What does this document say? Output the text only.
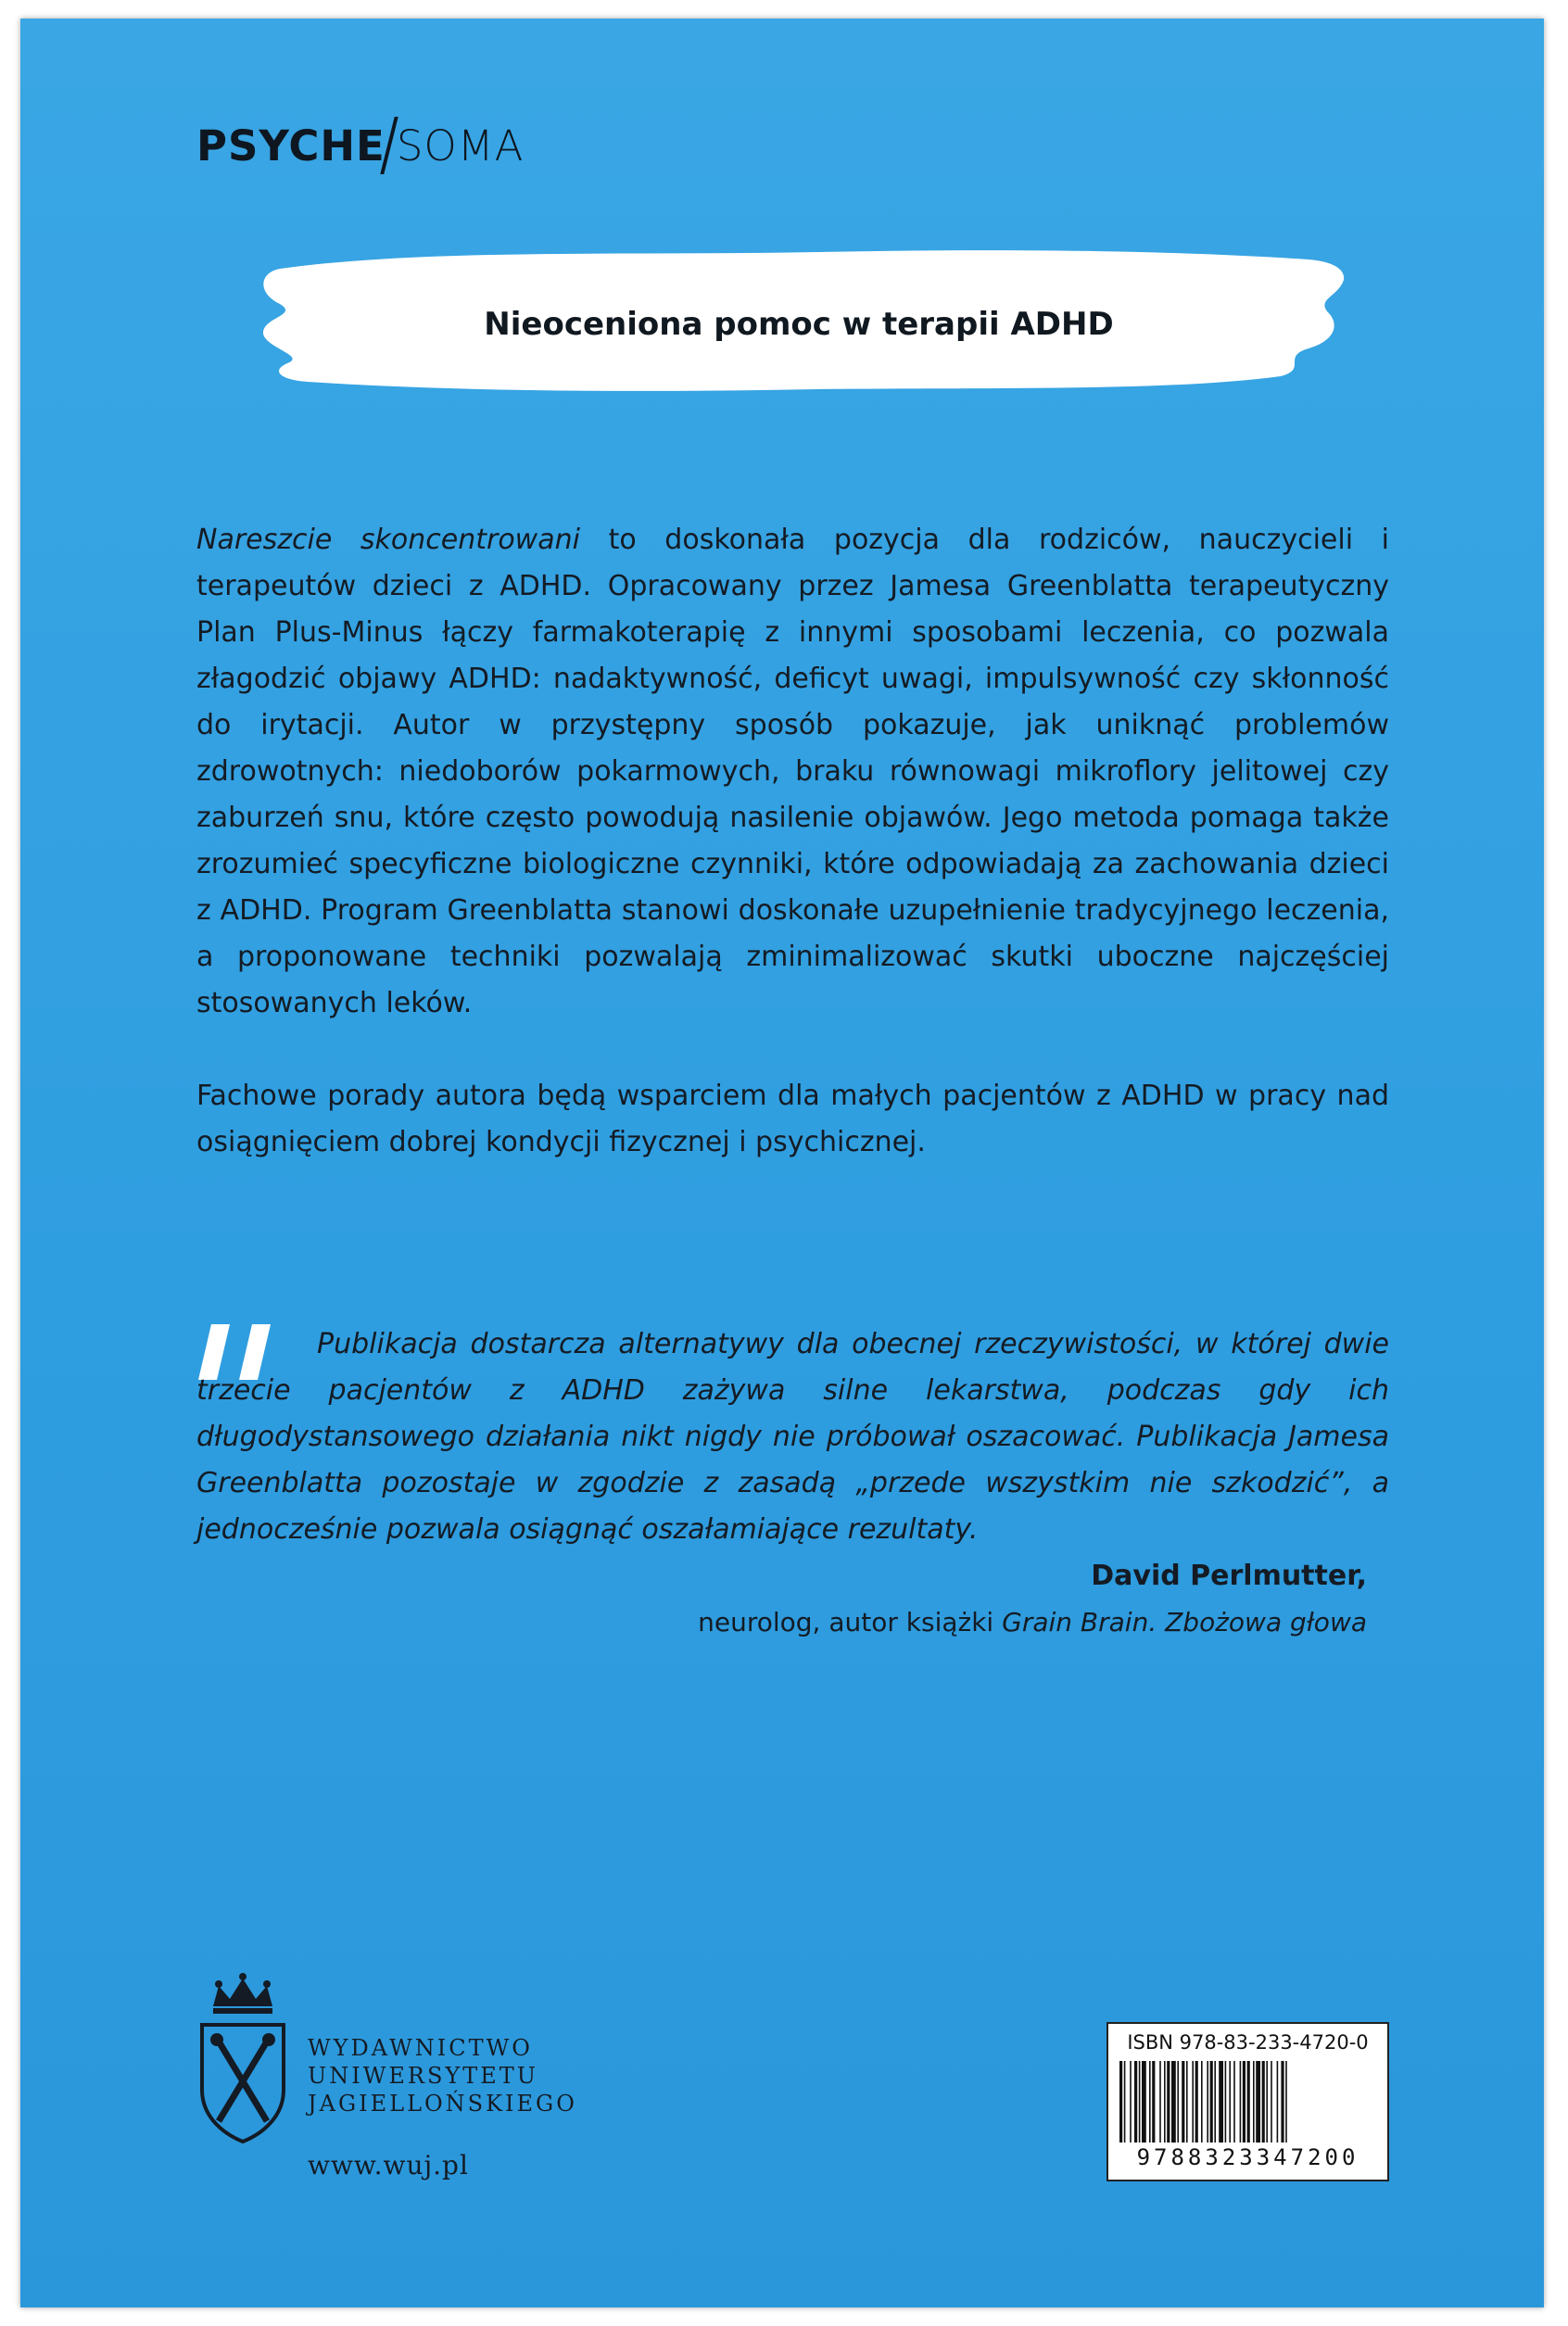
PSYCHE SOMA
Nieoceniona pomoc w terapii ADHD

Nareszcie skoncentrowani to doskonała pozycja dla rodziców, nauczycieli i terapeutów dzieci z ADHD. Opracowany przez Jamesa Greenblatta terapeutyczny Plan Plus-Minus łączy farmakoterapię z innymi sposobami leczenia, co pozwala złagodzić objawy ADHD: nadaktywność, deficyt uwagi, impulsywność czy skłonność do irytacji. Autor w przystępny sposób pokazuje, jak uniknąć problemów zdrowotnych: niedoborów pokarmowych, braku równowagi mikroflory jelitowej czy zaburzeń snu, które często powodują nasilenie objawów. Jego metoda pomaga także zrozumieć specyficzne biologiczne czynniki, które odpowiadają za zachowania dzieci z ADHD. Program Greenblatta stanowi doskonałe uzupełnienie tradycyjnego leczenia, a proponowane techniki pozwalają zminimalizować skutki uboczne najczęściej stosowanych leków.

Fachowe porady autora będą wsparciem dla małych pacjentów z ADHD w pracy nad osiągnięciem dobrej kondycji fizycznej i psychicznej.

Publikacja dostarcza alternatywy dla obecnej rzeczywistości, w której dwie trzecie pacjentów z ADHD zażywa silne lekarstwa, podczas gdy ich długodystansowego działania nikt nigdy nie próbował oszacować. Publikacja Jamesa Greenblatta pozostaje w zgodzie z zasadą „przede wszystkim nie szkodzić”, a jednocześnie pozwala osiągnąć oszałamiające rezultaty.

David Perlmutter,
neurolog, autor książki Grain Brain. Zbożowa głowa
WYDAWNICTWO
UNIWERSYTETU
JAGIELLOŃSKIEGO
www.wuj.pl
ISBN 978-83-233-4720-0
9788323347200
